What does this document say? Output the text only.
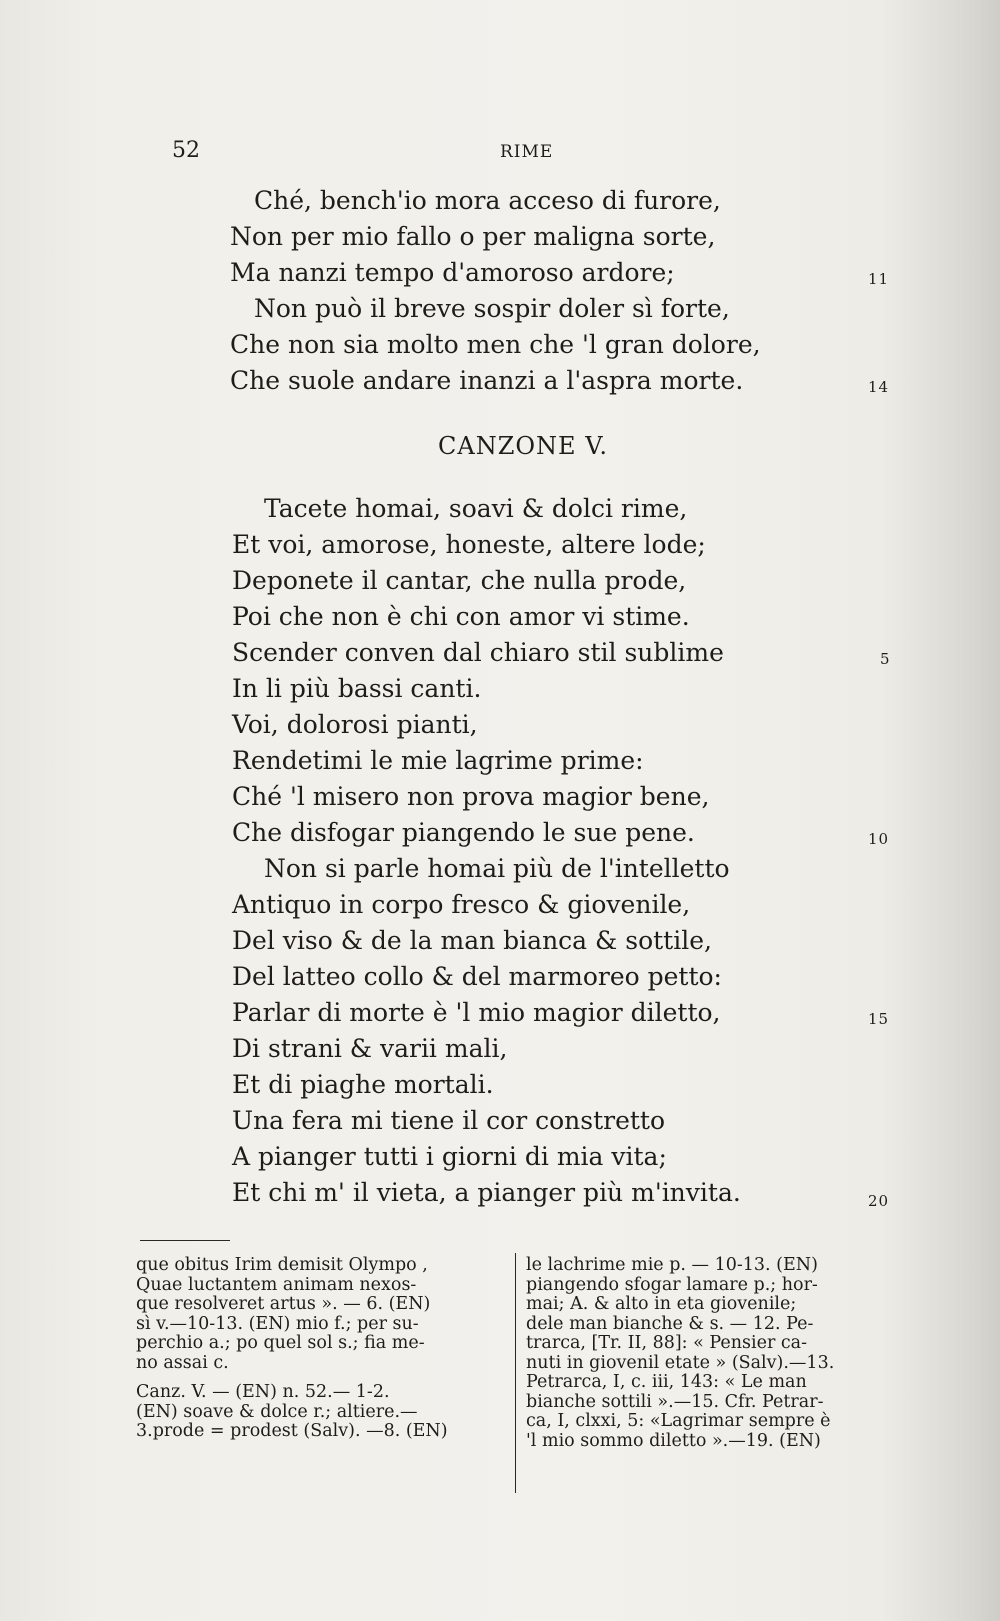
52	RIME
Ché, bench'io mora acceso di furore,
Non per mio fallo o per maligna sorte,
Ma nanzi tempo d'amoroso ardore;	11
Non può il breve sospir doler sì forte,
Che non sia molto men che 'l gran dolore,
Che suole andare inanzi a l'aspra morte.	14
CANZONE V.
Tacete homai, soavi & dolci rime,
Et voi, amorose, honeste, altere lode;
Deponete il cantar, che nulla prode,
Poi che non è chi con amor vi stime.
Scender conven dal chiaro stil sublime	5
In li più bassi canti.
Voi, dolorosi pianti,
Rendetimi le mie lagrime prime:
Ché 'l misero non prova magior bene,
Che disfogar piangendo le sue pene.	10
Non si parle homai più de l'intelletto
Antiquo in corpo fresco & giovenile,
Del viso & de la man bianca & sottile,
Del latteo collo & del marmoreo petto:
Parlar di morte è 'l mio magior diletto,	15
Di strani & varii mali,
Et di piaghe mortali.
Una fera mi tiene il cor constretto
A pianger tutti i giorni di mia vita;
Et chi m' il vieta, a pianger più m'invita.	20
que obitus Irim demisit Olympo ,
Quae luctantem animam nexos-
que resolveret artus ». — 6. (EN)
sì v.—10-13. (EN) mio f.; per su-
perchio a.; po quel sol s.; fia me-
no assai c.
Canz. V. — (EN) n. 52.— 1-2.
(EN) soave & dolce r.; altiere.—
3.prode = prodest (Salv). —8. (EN)
le lachrime mie p. — 10-13. (EN)
piangendo sfogar lamare p.; hor-
mai; A. & alto in eta giovenile;
dele man bianche & s. — 12. Pe-
trarca, [Tr. II, 88]: « Pensier ca-
nuti in giovenil etate » (Salv).—13.
Petrarca, I, c. iii, 143: « Le man
bianche sottili ».—15. Cfr. Petrar-
ca, I, clxxi, 5: «Lagrimar sempre è
'l mio sommo diletto ».—19. (EN)
